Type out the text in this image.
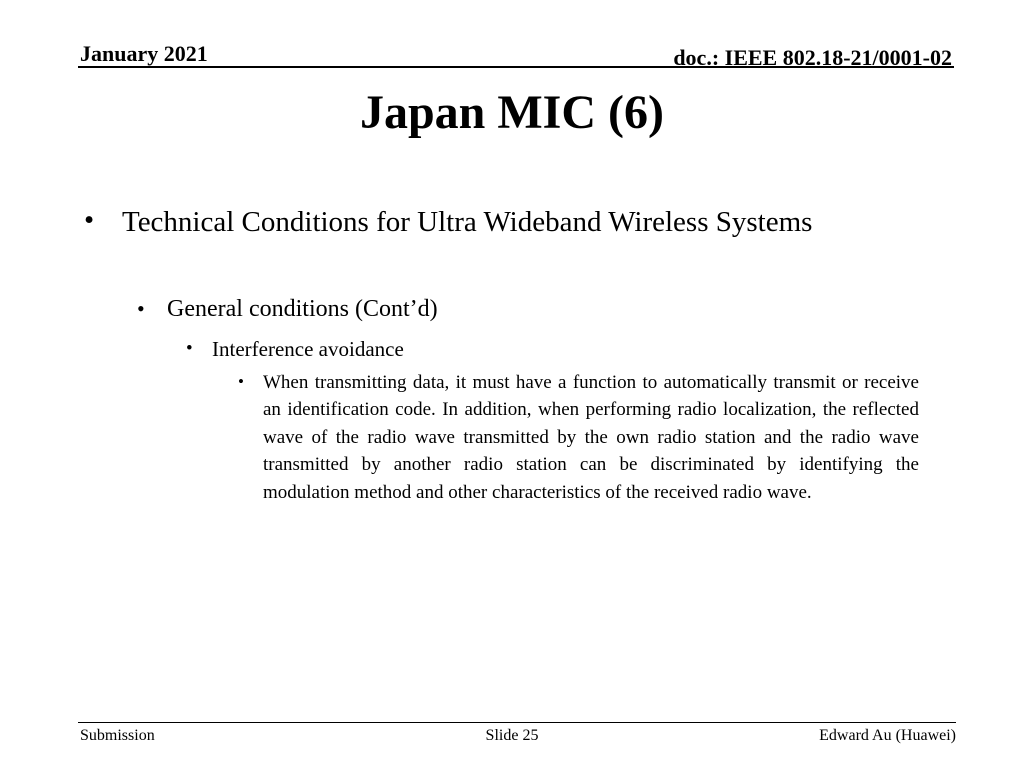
January 2021	doc.: IEEE 802.18-21/0001-02
Japan MIC (6)
• Technical Conditions for Ultra Wideband Wireless Systems
• General conditions (Cont’d)
• Interference avoidance
• When transmitting data, it must have a function to automatically transmit or receive an identification code. In addition, when performing radio localization, the reflected wave of the radio wave transmitted by the own radio station and the radio wave transmitted by another radio station can be discriminated by identifying the modulation method and other characteristics of the received radio wave.
Submission	Slide 25	Edward Au (Huawei)
